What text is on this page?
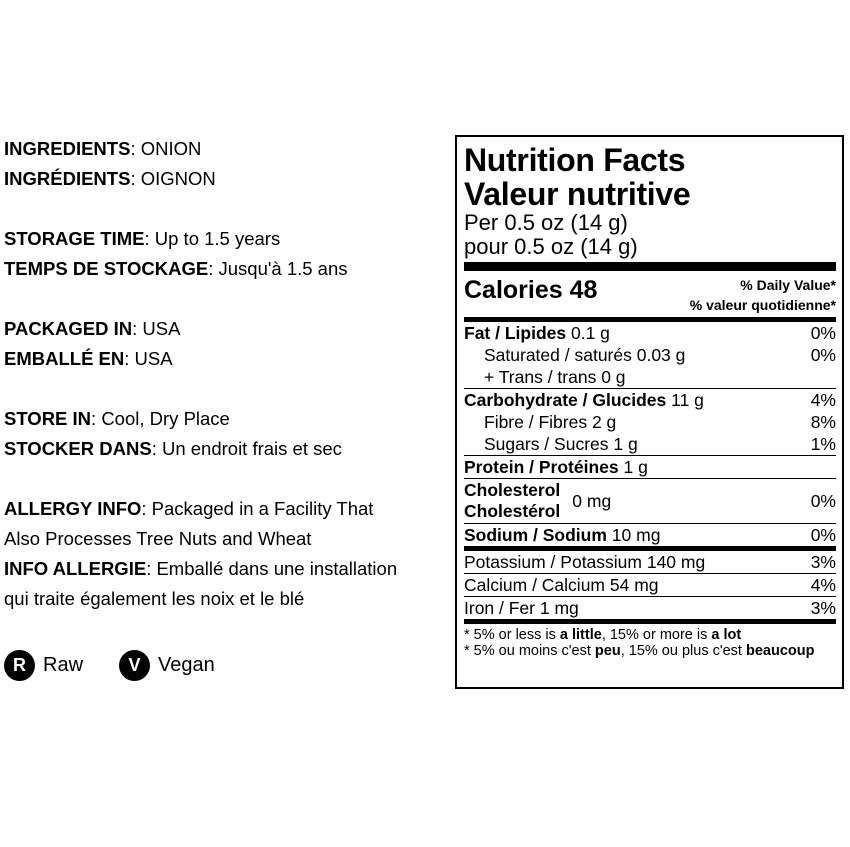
INGREDIENTS: ONION
INGRÉDIENTS: OIGNON
STORAGE TIME: Up to 1.5 years
TEMPS DE STOCKAGE: Jusqu'à 1.5 ans
PACKAGED IN: USA
EMBALLÉ EN: USA
STORE IN: Cool, Dry Place
STOCKER DANS: Un endroit frais et sec
ALLERGY INFO: Packaged in a Facility That
Also Processes Tree Nuts and Wheat
INFO ALLERGIE: Emballé dans une installation
qui traite également les noix et le blé
R Raw	V Vegan
Nutrition Facts
Valeur nutritive
Per 0.5 oz (14 g)
pour 0.5 oz (14 g)
Calories 48	% Daily Value*
% valeur quotidienne*
Fat / Lipides 0.1 g	0%
Saturated / saturés 0.03 g	0%
+ Trans / trans 0 g
Carbohydrate / Glucides 11 g	4%
Fibre / Fibres 2 g	8%
Sugars / Sucres 1 g	1%
Protein / Protéines 1 g
Cholesterol
Cholestérol
0 mg	0%
Sodium / Sodium 10 mg	0%
Potassium / Potassium 140 mg	3%
Calcium / Calcium 54 mg	4%
Iron / Fer 1 mg	3%
* 5% or less is a little, 15% or more is a lot
* 5% ou moins c'est peu, 15% ou plus c'est beaucoup
